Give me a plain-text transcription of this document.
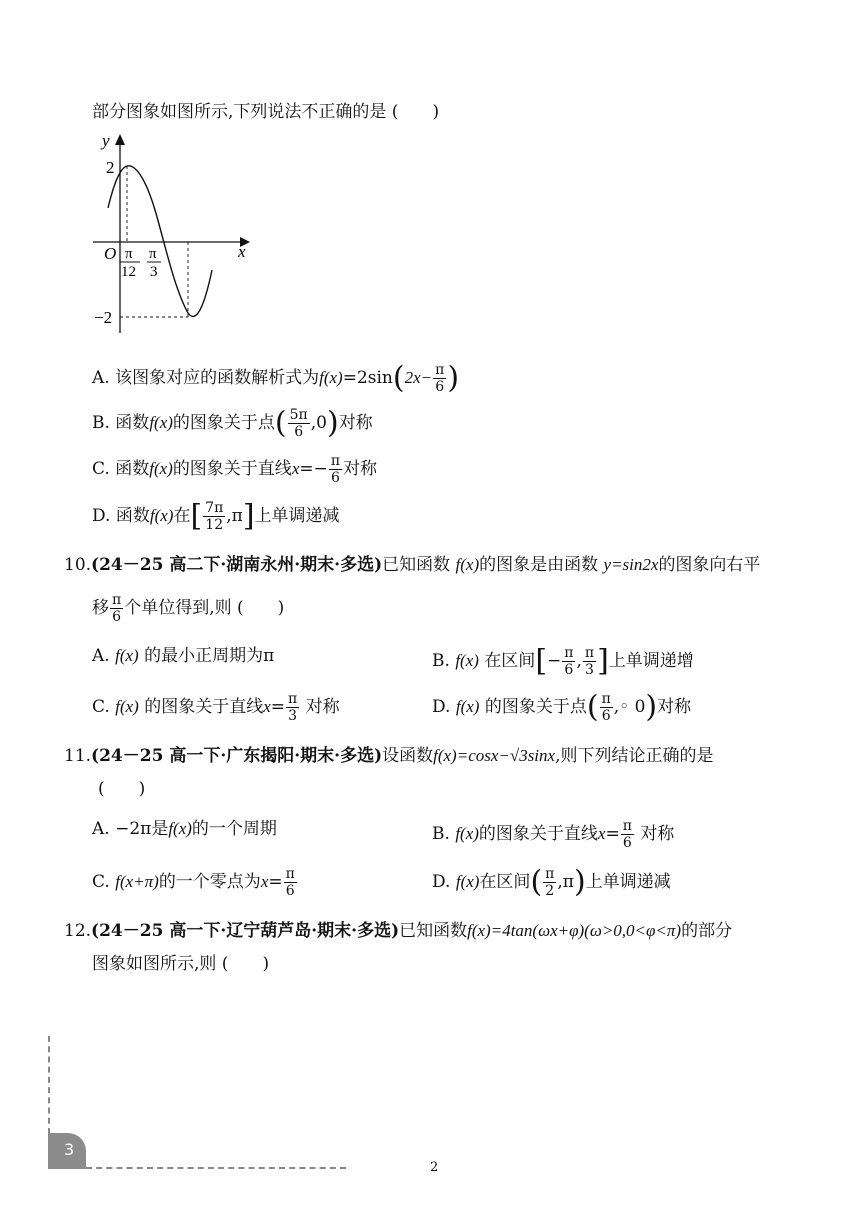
部分图象如图所示,下列说法不正确的是 (　　)
y
x
O
2
−2
π
12
π
3
A. 该图象对应的函数解析式为$f(x)=2\sin(2x- \frac{\pi}{6}$ )
B. 函数f(x)的图象关于点( $\frac{5\pi}{6} ,0$)对称
C. 函数f(x)的图象关于直线$x=- \frac{\pi}{6}$ 对称
D. 函数f(x)在[ $\frac{7\pi}{12} ,\pi$]上单调递减
10.(24－25 高二下·湖南永州·期末·多选)已知函数 f(x)的图象是由函数 y=sin2x的图象向右平
移 $\frac{\pi}{6}$ 个单位得到,则 (　　)
A. f(x) 的最小正周期为π	B. f(x) 在区间[− $\frac{\pi}{6}$ , $\frac{\pi}{3}$ ]上单调递增
C. f(x) 的图象关于直线$x= \frac{\pi}{3}$ 对称	D. f(x) 的图象关于点( $\frac{\pi}{6}$ ,◦ 0)对称
11.(24－25 高一下·广东揭阳·期末·多选)设函数f(x)=cosx−√3sinx,则下列结论正确的是
(　　)
A. −2π是f(x)的一个周期	B. f(x)的图象关于直线$x= \frac{\pi}{6}$ 对称
C. f(x+π)的一个零点为$x= \frac{\pi}{6}$	D. f(x)在区间( $\frac{\pi}{2} ,\pi$)上单调递减
12.(24－25 高一下·辽宁葫芦岛·期末·多选)已知函数f(x)=4tan(ωx+φ)(ω>0,0<φ<π)的部分
图象如图所示,则 (　　)
3
2
